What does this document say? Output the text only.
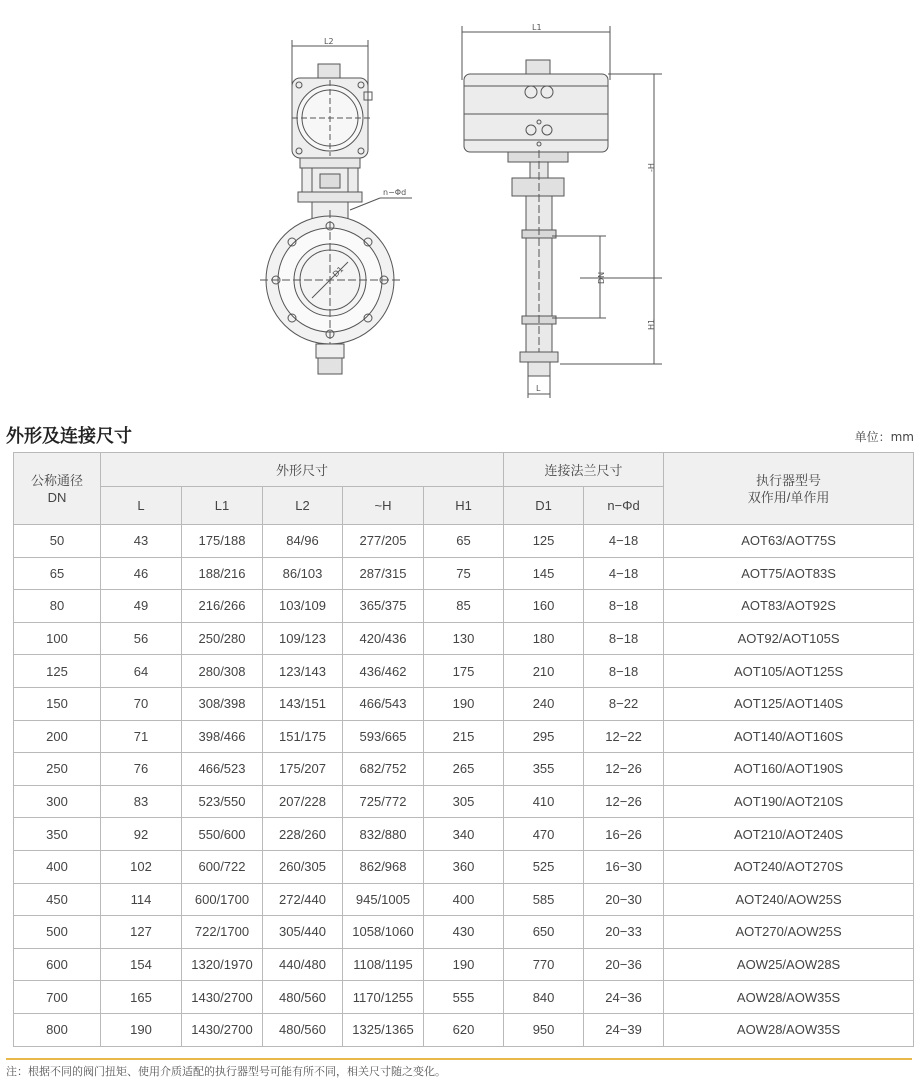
L2
n−Φd
D1
L1
DN
-H
H1
L
外形及连接尺寸	单位：mm
公称通径
DN	外形尺寸					连接法兰尺寸		执行器型号
双作用/单作用

	L	L1	L2	~H	H1	D1	n−Φd	
50	43	175/188	84/96	277/205	65	125	4−18	AOT63/AOT75S
65	46	188/216	86/103	287/315	75	145	4−18	AOT75/AOT83S
80	49	216/266	103/109	365/375	85	160	8−18	AOT83/AOT92S
100	56	250/280	109/123	420/436	130	180	8−18	AOT92/AOT105S
125	64	280/308	123/143	436/462	175	210	8−18	AOT105/AOT125S
150	70	308/398	143/151	466/543	190	240	8−22	AOT125/AOT140S
200	71	398/466	151/175	593/665	215	295	12−22	AOT140/AOT160S
250	76	466/523	175/207	682/752	265	355	12−26	AOT160/AOT190S
300	83	523/550	207/228	725/772	305	410	12−26	AOT190/AOT210S
350	92	550/600	228/260	832/880	340	470	16−26	AOT210/AOT240S
400	102	600/722	260/305	862/968	360	525	16−30	AOT240/AOT270S
450	114	600/1700	272/440	945/1005	400	585	20−30	AOT240/AOW25S
500	127	722/1700	305/440	1058/1060	430	650	20−33	AOT270/AOW25S
600	154	1320/1970	440/480	1108/1195	190	770	20−36	AOW25/AOW28S
700	165	1430/2700	480/560	1170/1255	555	840	24−36	AOW28/AOW35S
800	190	1430/2700	480/560	1325/1365	620	950	24−39	AOW28/AOW35S
注：根据不同的阀门扭矩、使用介质适配的执行器型号可能有所不同，相关尺寸随之变化。
